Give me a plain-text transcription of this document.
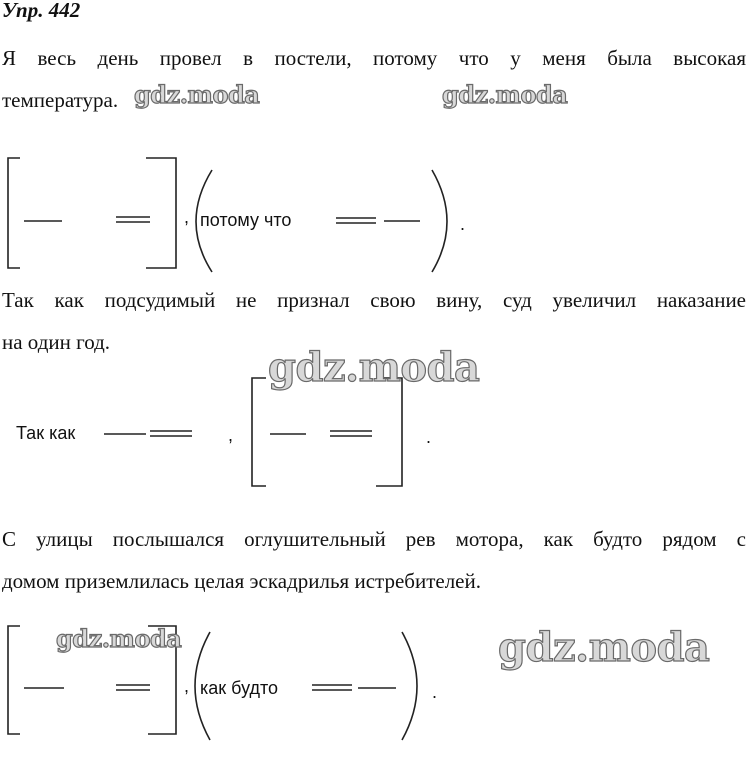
Упр. 442
Я весь день провел в постели, потому что у меня была высокая
температура. gdz.moda	gdz.moda
, потому что	.
Так как подсудимый не признал свою вину, суд увеличил наказание
на один год.
gdz.moda
Так как	,	.
С улицы послышался оглушительный рев мотора, как будто рядом с
домом приземлилась целая эскадрилья истребителей.
gdz.moda	gdz.moda
, как будто	.
